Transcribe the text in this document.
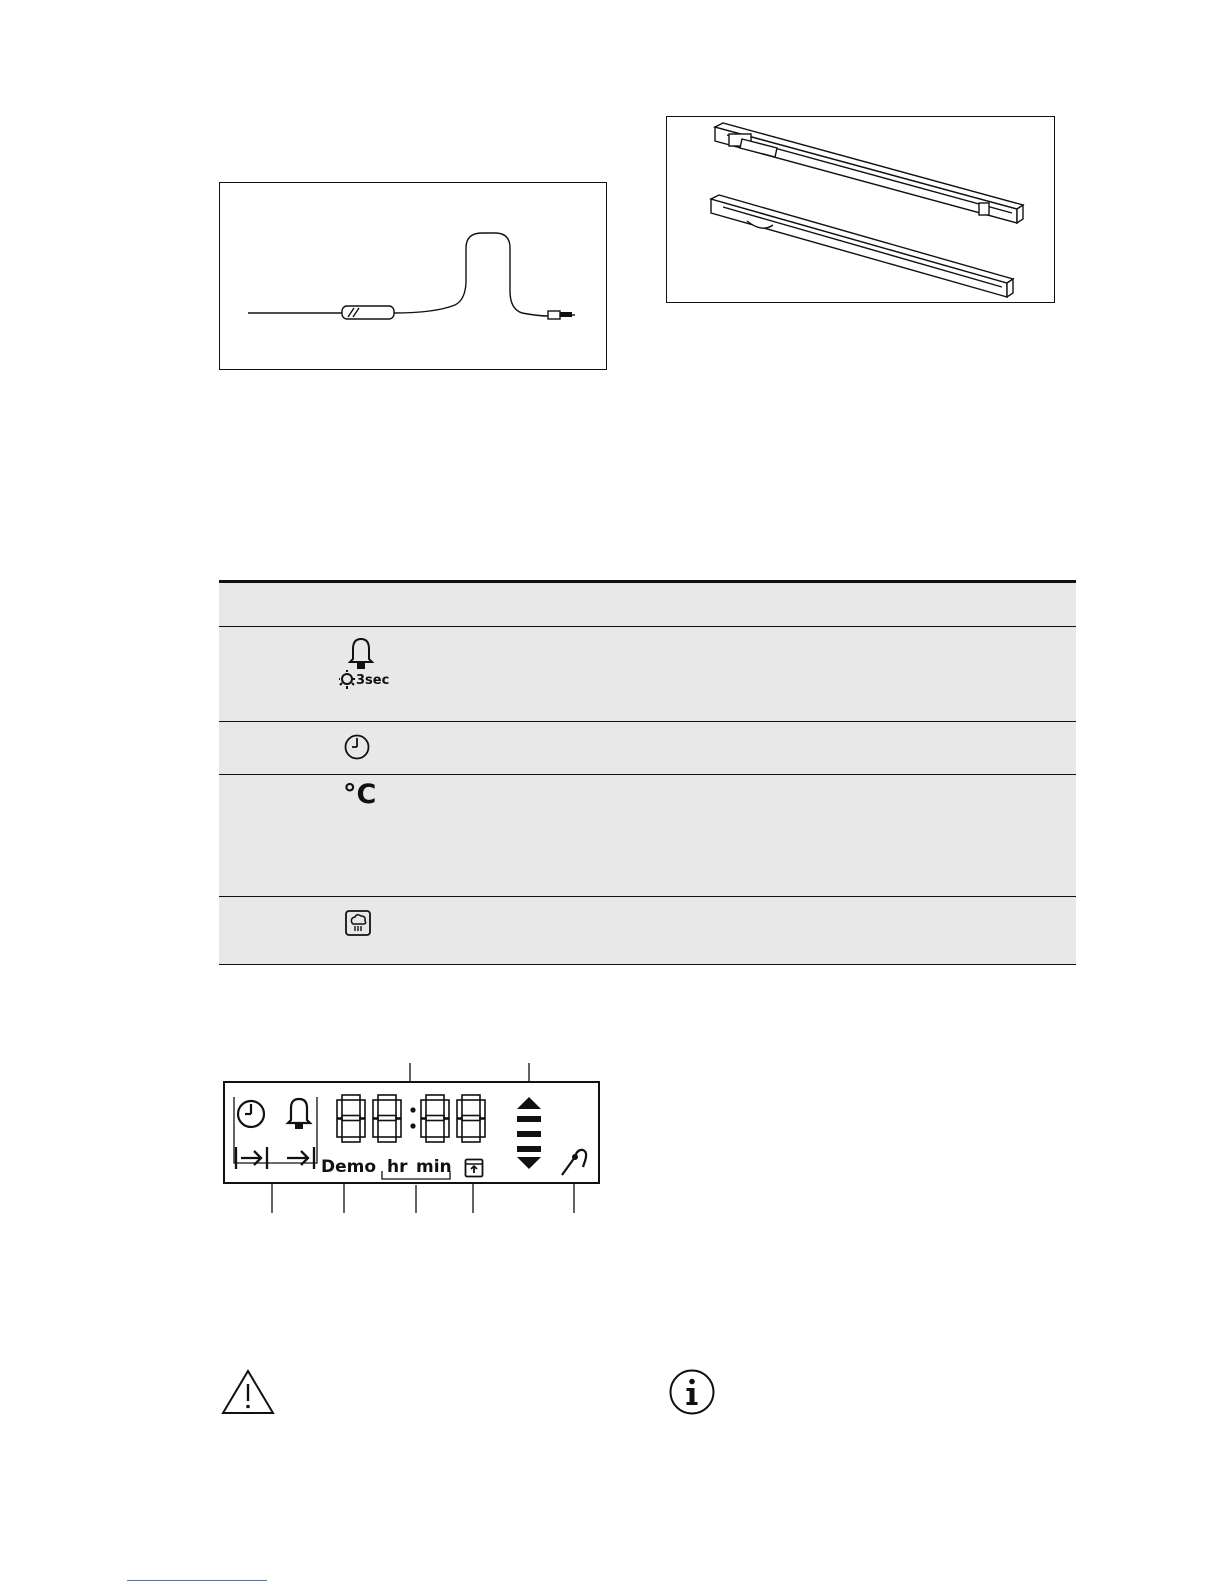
3sec
°C
Demo hr min
